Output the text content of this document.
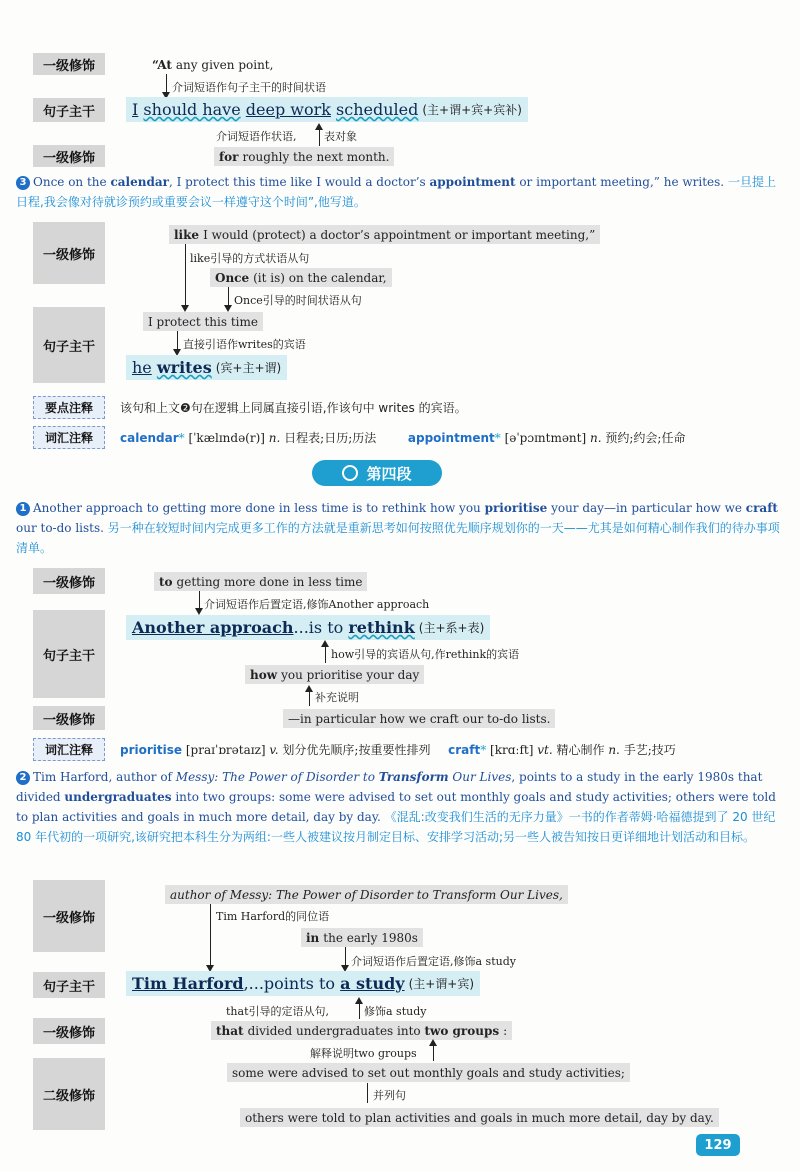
一级修饰	“At any given point,
介词短语作句子主干的时间状语
句子主干	I
should have
deep work
scheduled (主+谓+宾+宾补)
介词短语作状语,	表对象
一级修饰	for roughly the next month.
3 Once on the calendar, I protect this time like I would a doctor’s appointment or important meeting,” he writes. 一旦提上日程,我会像对待就诊预约或重要会议一样遵守这个时间”,他写道。
一级修饰
like I would (protect) a doctor’s appointment or important meeting,”
like引导的方式状语从句
Once (it is) on the calendar,
Once引导的时间状语从句
句子主干
I protect this time
直接引语作writes的宾语
he
writes (宾+主+谓)
要点注释	该句和上文❷句在逻辑上同属直接引语,作该句中 writes 的宾语。
词汇注释	calendar* [ˈkælɪndə(r)] n. 日程表;日历;历法	appointment* [əˈpɔɪntmənt] n. 预约;约会;任命
第四段
1 Another approach to getting more done in less time is to rethink how you prioritise your day—in particular how we craft our to-do lists. 另一种在较短时间内完成更多工作的方法就是重新思考如何按照优先顺序规划你的一天——尤其是如何精心制作我们的待办事项清单。
一级修饰	to getting more done in less time
介词短语作后置定语,修饰Another approach
句子主干
Another approach ...is to
rethink (主+系+表)
how引导的宾语从句,作rethink的宾语
how you prioritise your day
补充说明
一级修饰	—in particular how we craft our to-do lists.
词汇注释	prioritise [praɪˈɒrətaɪz] v. 划分优先顺序;按重要性排列 craft* [krɑːft] vt. 精心制作 n. 手艺;技巧
2 Tim Harford, author of Messy: The Power of Disorder to Transform Our Lives, points to a study in the early 1980s that divided undergraduates into two groups: some were advised to set out monthly goals and study activities; others were told to plan activities and goals in much more detail, day by day. 《混乱:改变我们生活的无序力量》一书的作者蒂姆·哈福德提到了 20 世纪 80 年代初的一项研究,该研究把本科生分为两组:一些人被建议按月制定目标、安排学习活动;另一些人被告知按日更详细地计划活动和目标。
一级修饰
author of Messy: The Power of Disorder to Transform Our Lives,
Tim Harford的同位语
in the early 1980s
介词短语作后置定语,修饰a study
句子主干	Tim Harford ,...points to
a study (主+谓+宾)
that引导的定语从句,	修饰a study
一级修饰	that divided undergraduates into
two groups :
解释说明two groups
二级修饰
some were advised to set out monthly goals and study activities;
并列句
others were told to plan activities and goals in much more detail, day by day.
129
